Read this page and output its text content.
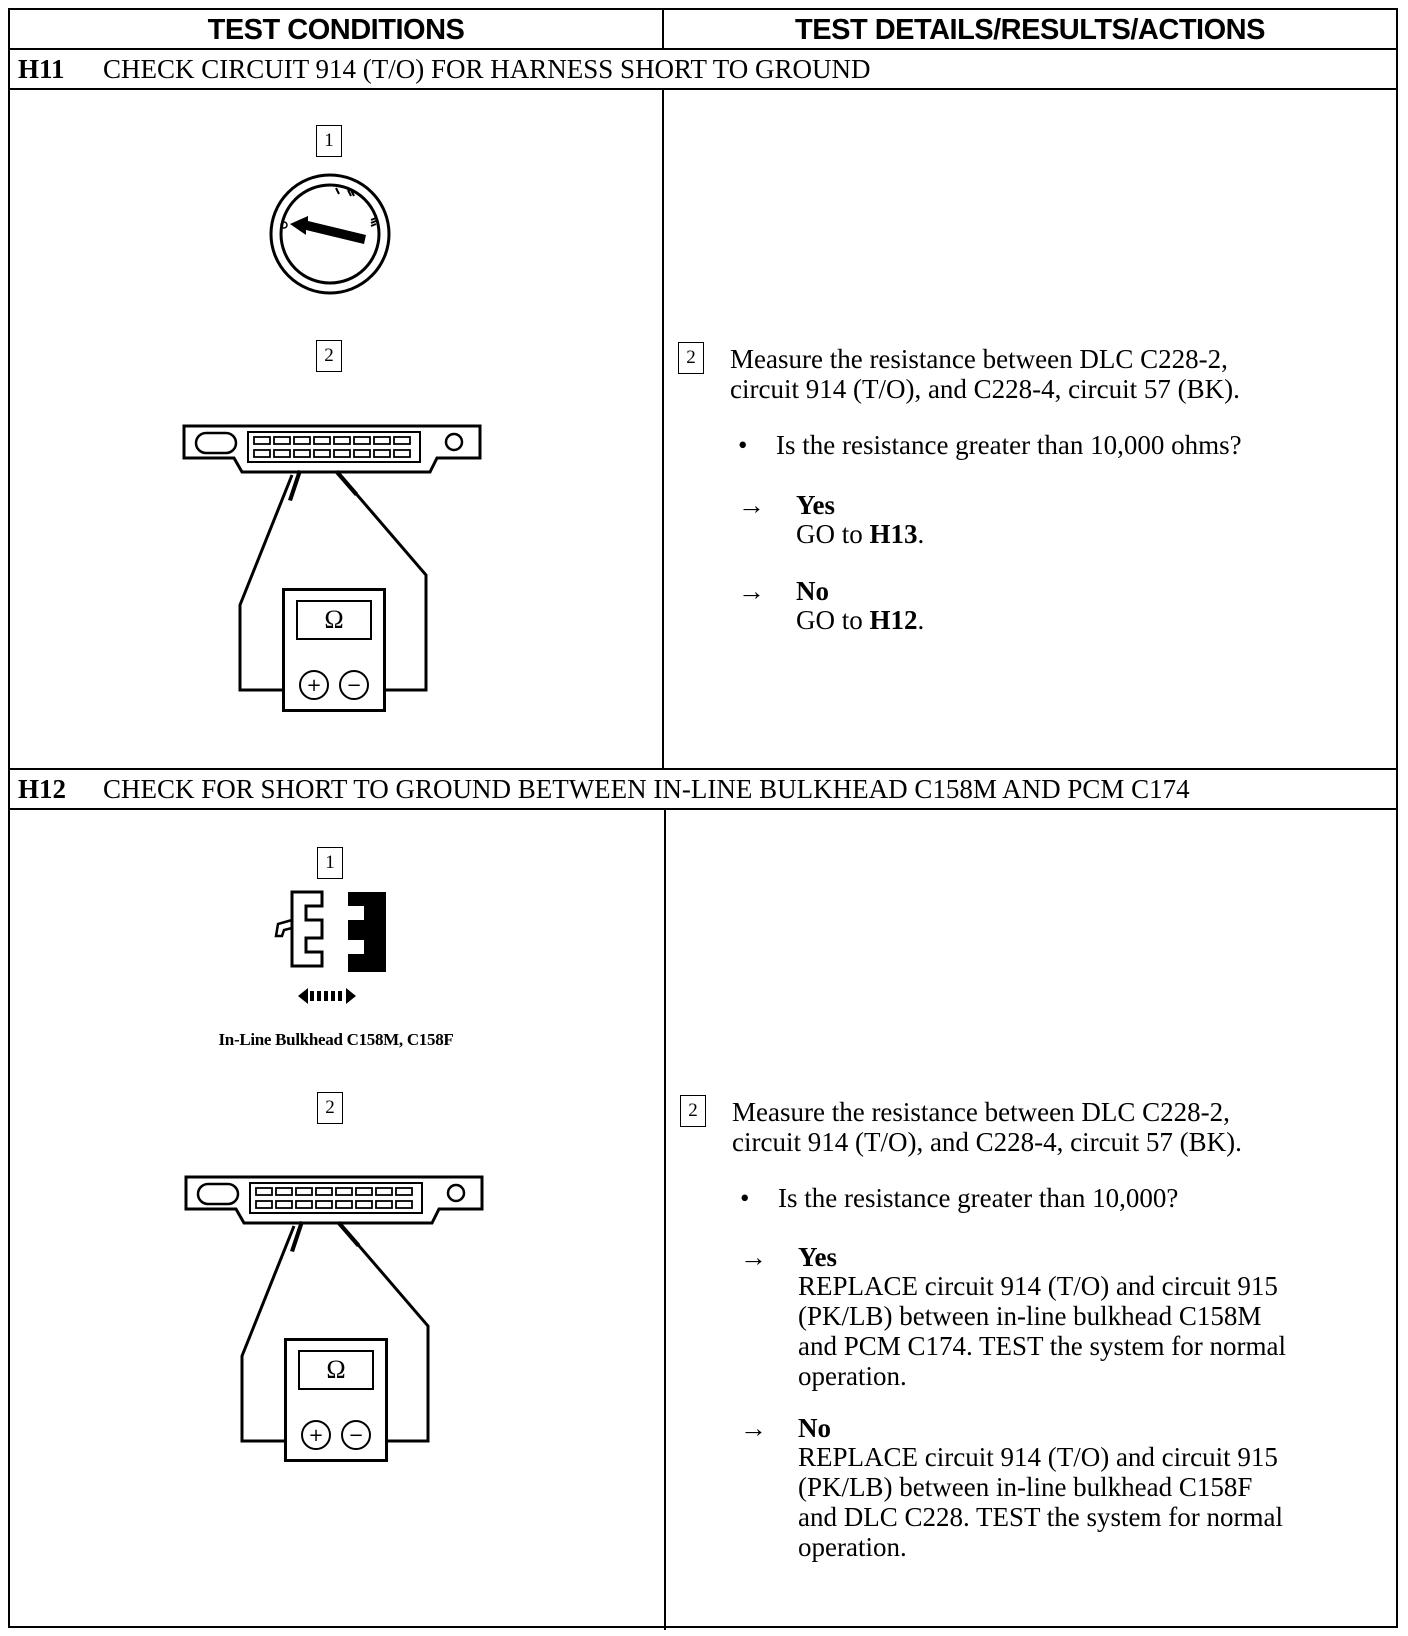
TEST CONDITIONS	TEST DETAILS/RESULTS/ACTIONS
H11	CHECK CIRCUIT 914 (T/O) FOR HARNESS SHORT TO GROUND
1
2
Ω
+	−
2	Measure the resistance between DLC C228-2,
circuit 914 (T/O), and C228-4, circuit 57 (BK).
• Is the resistance greater than 10,000 ohms?
→ Yes
GO to H13.
→ No
GO to H12.
H12	CHECK FOR SHORT TO GROUND BETWEEN IN-LINE BULKHEAD C158M AND PCM C174
1
In-Line Bulkhead C158M, C158F
2
Ω
+	−
2	Measure the resistance between DLC C228-2,
circuit 914 (T/O), and C228-4, circuit 57 (BK).
• Is the resistance greater than 10,000?
→ Yes
REPLACE circuit 914 (T/O) and circuit 915
(PK/LB) between in-line bulkhead C158M
and PCM C174. TEST the system for normal
operation.
→ No
REPLACE circuit 914 (T/O) and circuit 915
(PK/LB) between in-line bulkhead C158F
and DLC C228. TEST the system for normal
operation.
